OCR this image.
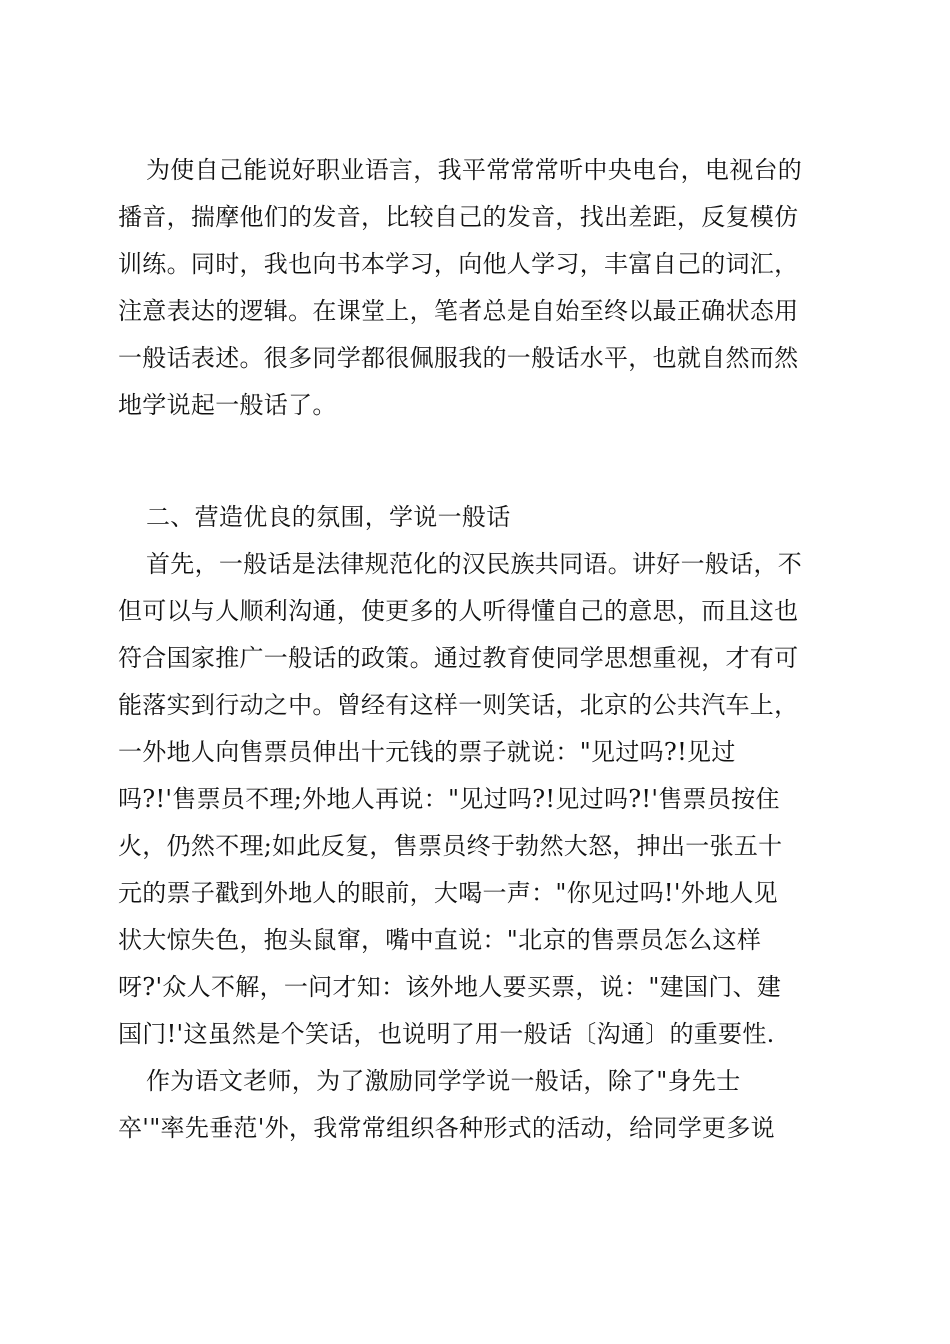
为使自己能说好职业语言，我平常常常听中央电台，电视台的
播音，揣摩他们的发音，比较自己的发音，找出差距，反复模仿
训练。同时，我也向书本学习，向他人学习，丰富自己的词汇，
注意表达的逻辑。在课堂上，笔者总是自始至终以最正确状态用
一般话表述。很多同学都很佩服我的一般话水平，也就自然而然
地学说起一般话了。
二、营造优良的氛围，学说一般话
首先，一般话是法律规范化的汉民族共同语。讲好一般话，不
但可以与人顺利沟通，使更多的人听得懂自己的意思，而且这也
符合国家推广一般话的政策。通过教育使同学思想重视，才有可
能落实到行动之中。曾经有这样一则笑话，北京的公共汽车上，
一外地人向售票员伸出十元钱的票子就说："见过吗?!见过
吗?!'售票员不理;外地人再说："见过吗?!见过吗?!'售票员按住
火，仍然不理;如此反复，售票员终于勃然大怒，抻出一张五十
元的票子戳到外地人的眼前，大喝一声："你见过吗!'外地人见
状大惊失色，抱头鼠窜，嘴中直说："北京的售票员怎么这样
呀?'众人不解，一问才知：该外地人要买票，说："建国门、建
国门!'这虽然是个笑话，也说明了用一般话〔沟通〕的重要性.
作为语文老师，为了激励同学学说一般话，除了"身先士
卒'"率先垂范'外，我常常组织各种形式的活动，给同学更多说
